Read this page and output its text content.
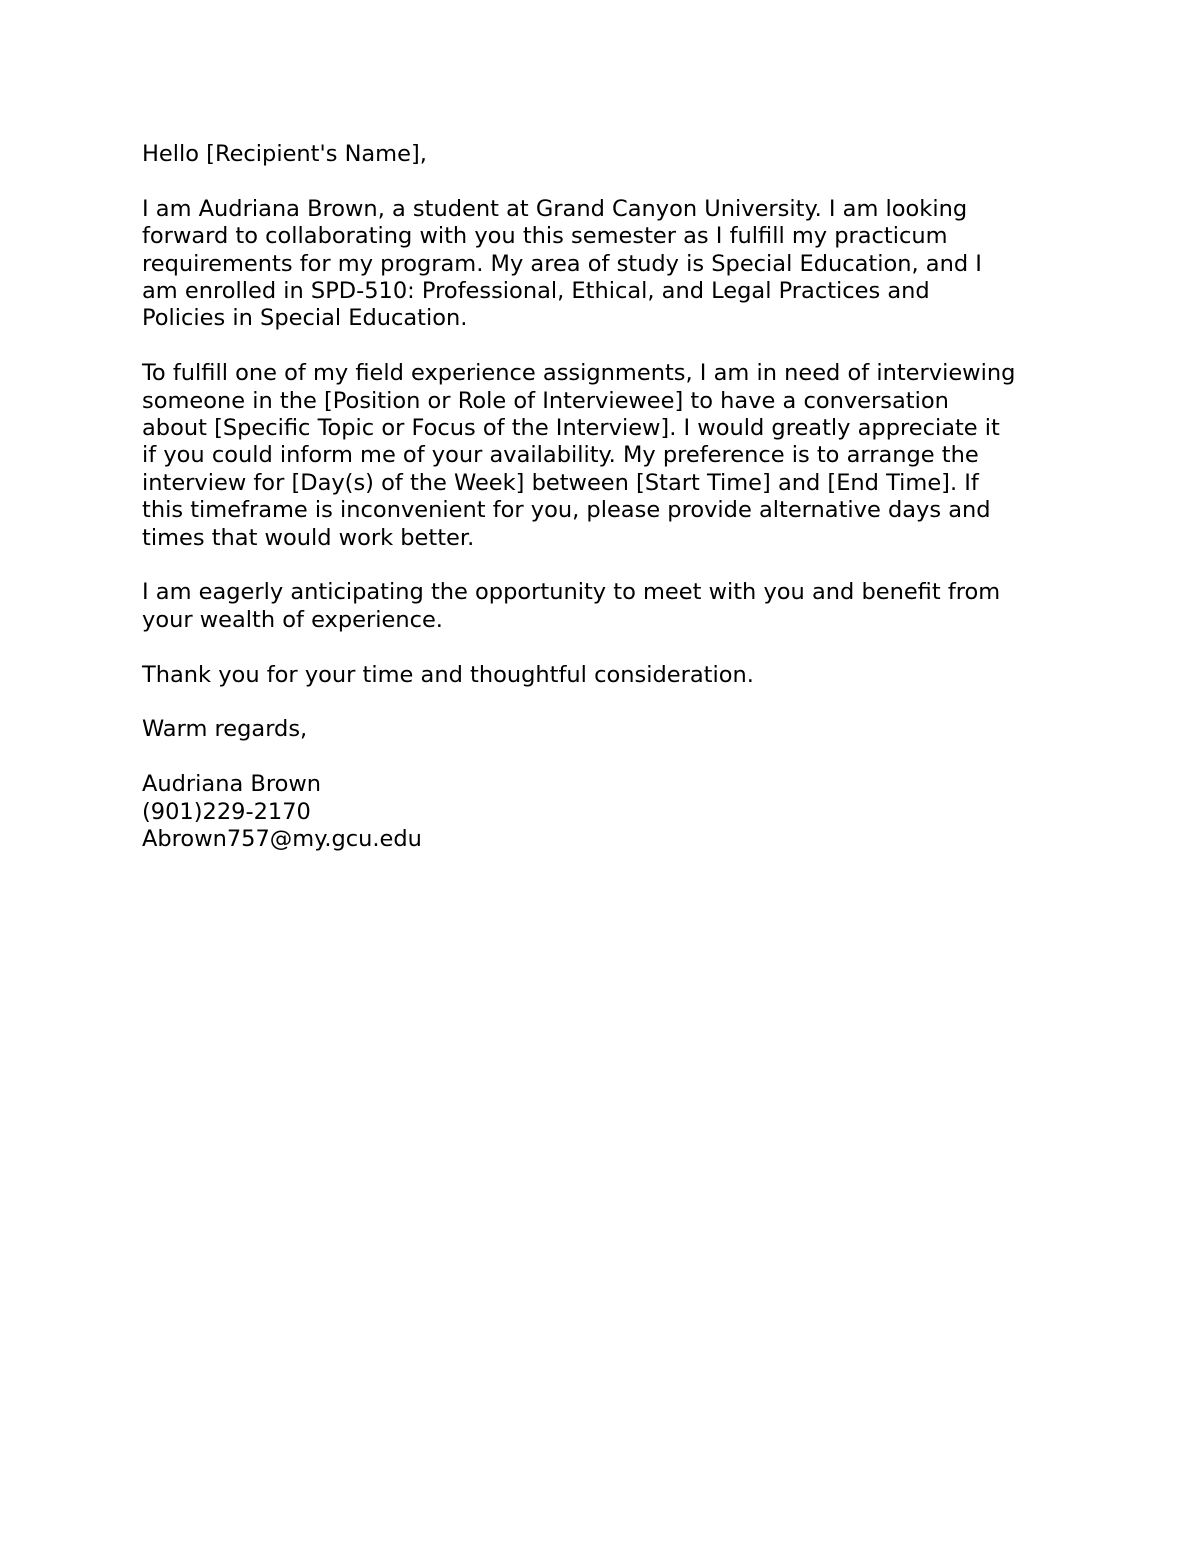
Hello [Recipient's Name],

I am Audriana Brown, a student at Grand Canyon University. I am looking
forward to collaborating with you this semester as I fulfill my practicum
requirements for my program. My area of study is Special Education, and I
am enrolled in SPD-510: Professional, Ethical, and Legal Practices and
Policies in Special Education.

To fulfill one of my field experience assignments, I am in need of interviewing
someone in the [Position or Role of Interviewee] to have a conversation
about [Specific Topic or Focus of the Interview]. I would greatly appreciate it
if you could inform me of your availability. My preference is to arrange the
interview for [Day(s) of the Week] between [Start Time] and [End Time]. If
this timeframe is inconvenient for you, please provide alternative days and
times that would work better.

I am eagerly anticipating the opportunity to meet with you and benefit from
your wealth of experience.

Thank you for your time and thoughtful consideration.

Warm regards,

Audriana Brown
(901)229-2170
Abrown757@my.gcu.edu
